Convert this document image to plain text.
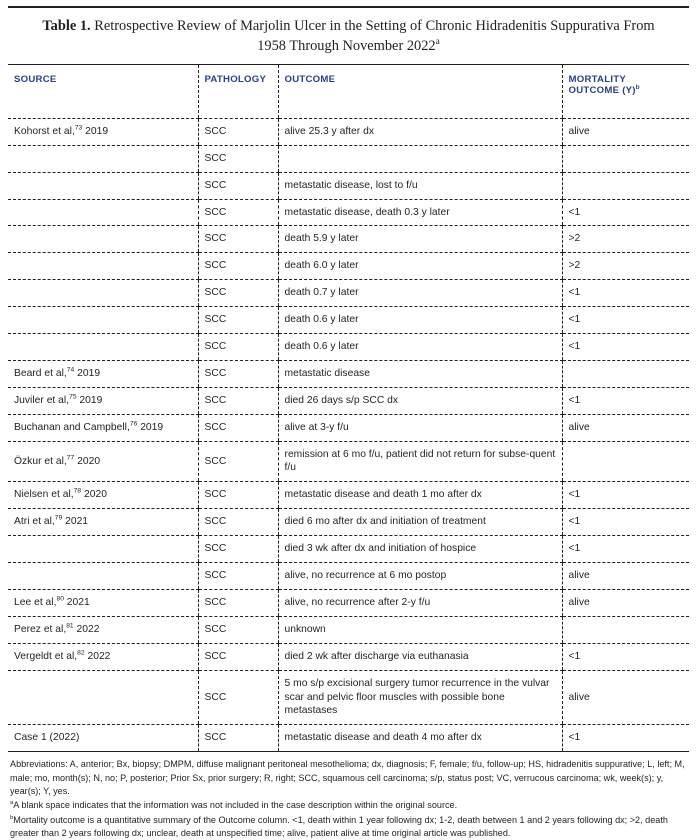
Table 1. Retrospective Review of Marjolin Ulcer in the Setting of Chronic Hidradenitis Suppurativa From 1958 Through November 2022$^a$
SOURCE	PATHOLOGY	OUTCOME	MORTALITY
OUTCOME $(Y)^b$
Kohorst et al,$^{73}$ 2019	SCC	alive 25.3 y after dx	alive
	SCC		
	SCC	metastatic disease, lost to f/u	
	SCC	metastatic disease, death 0.3 y later	<1
	SCC	death 5.9 y later	>2
	SCC	death 6.0 y later	>2
	SCC	death 0.7 y later	<1
	SCC	death 0.6 y later	<1
	SCC	death 0.6 y later	<1
Beard et al,$^{74}$ 2019	SCC	metastatic disease	
Juviler et al,$^{75}$ 2019	SCC	died 26 days s/p SCC dx	<1
Buchanan and Campbell,$^{76}$ 2019	SCC	alive at 3-y f/u	alive
Özkur et al,$^{77}$ 2020	SCC	remission at 6 mo f/u, patient did not return for subse-quent f/u	
Nielsen et al,$^{78}$ 2020	SCC	metastatic disease and death 1 mo after dx	<1
Atri et al,$^{79}$ 2021	SCC	died 6 mo after dx and initiation of treatment	<1
	SCC	died 3 wk after dx and initiation of hospice	<1
	SCC	alive, no recurrence at 6 mo postop	alive
Lee et al,$^{80}$ 2021	SCC	alive, no recurrence after 2-y f/u	alive
Perez et al,$^{81}$ 2022	SCC	unknown	
Vergeldt et al,$^{82}$ 2022	SCC	died 2 wk after discharge via euthanasia	<1
	SCC	5 mo s/p excisional surgery tumor recurrence in the vulvar scar and pelvic floor muscles with possible bone metastases	alive
Case 1 (2022)	SCC	metastatic disease and death 4 mo after dx	<1

Abbreviations: A, anterior; Bx, biopsy; DMPM, diffuse malignant peritoneal mesothelioma; dx, diagnosis; F, female; f/u, follow-up; HS, hidradenitis suppurative; L, left; M, male; mo, month(s); N, no; P, posterior; Prior Sx, prior surgery; R, right; SCC, squamous cell carcinoma; s/p, status post; VC, verrucous carcinoma; wk, week(s); y, year(s); Y, yes.

$^a$A blank space indicates that the information was not included in the case description within the original source.

$^b$Mortality outcome is a quantitative summary of the Outcome column. <1, death within 1 year following dx; 1-2, death between 1 and 2 years following dx; >2, death greater than 2 years following dx; unclear, death at unspecified time; alive, patient alive at time original article was published.
